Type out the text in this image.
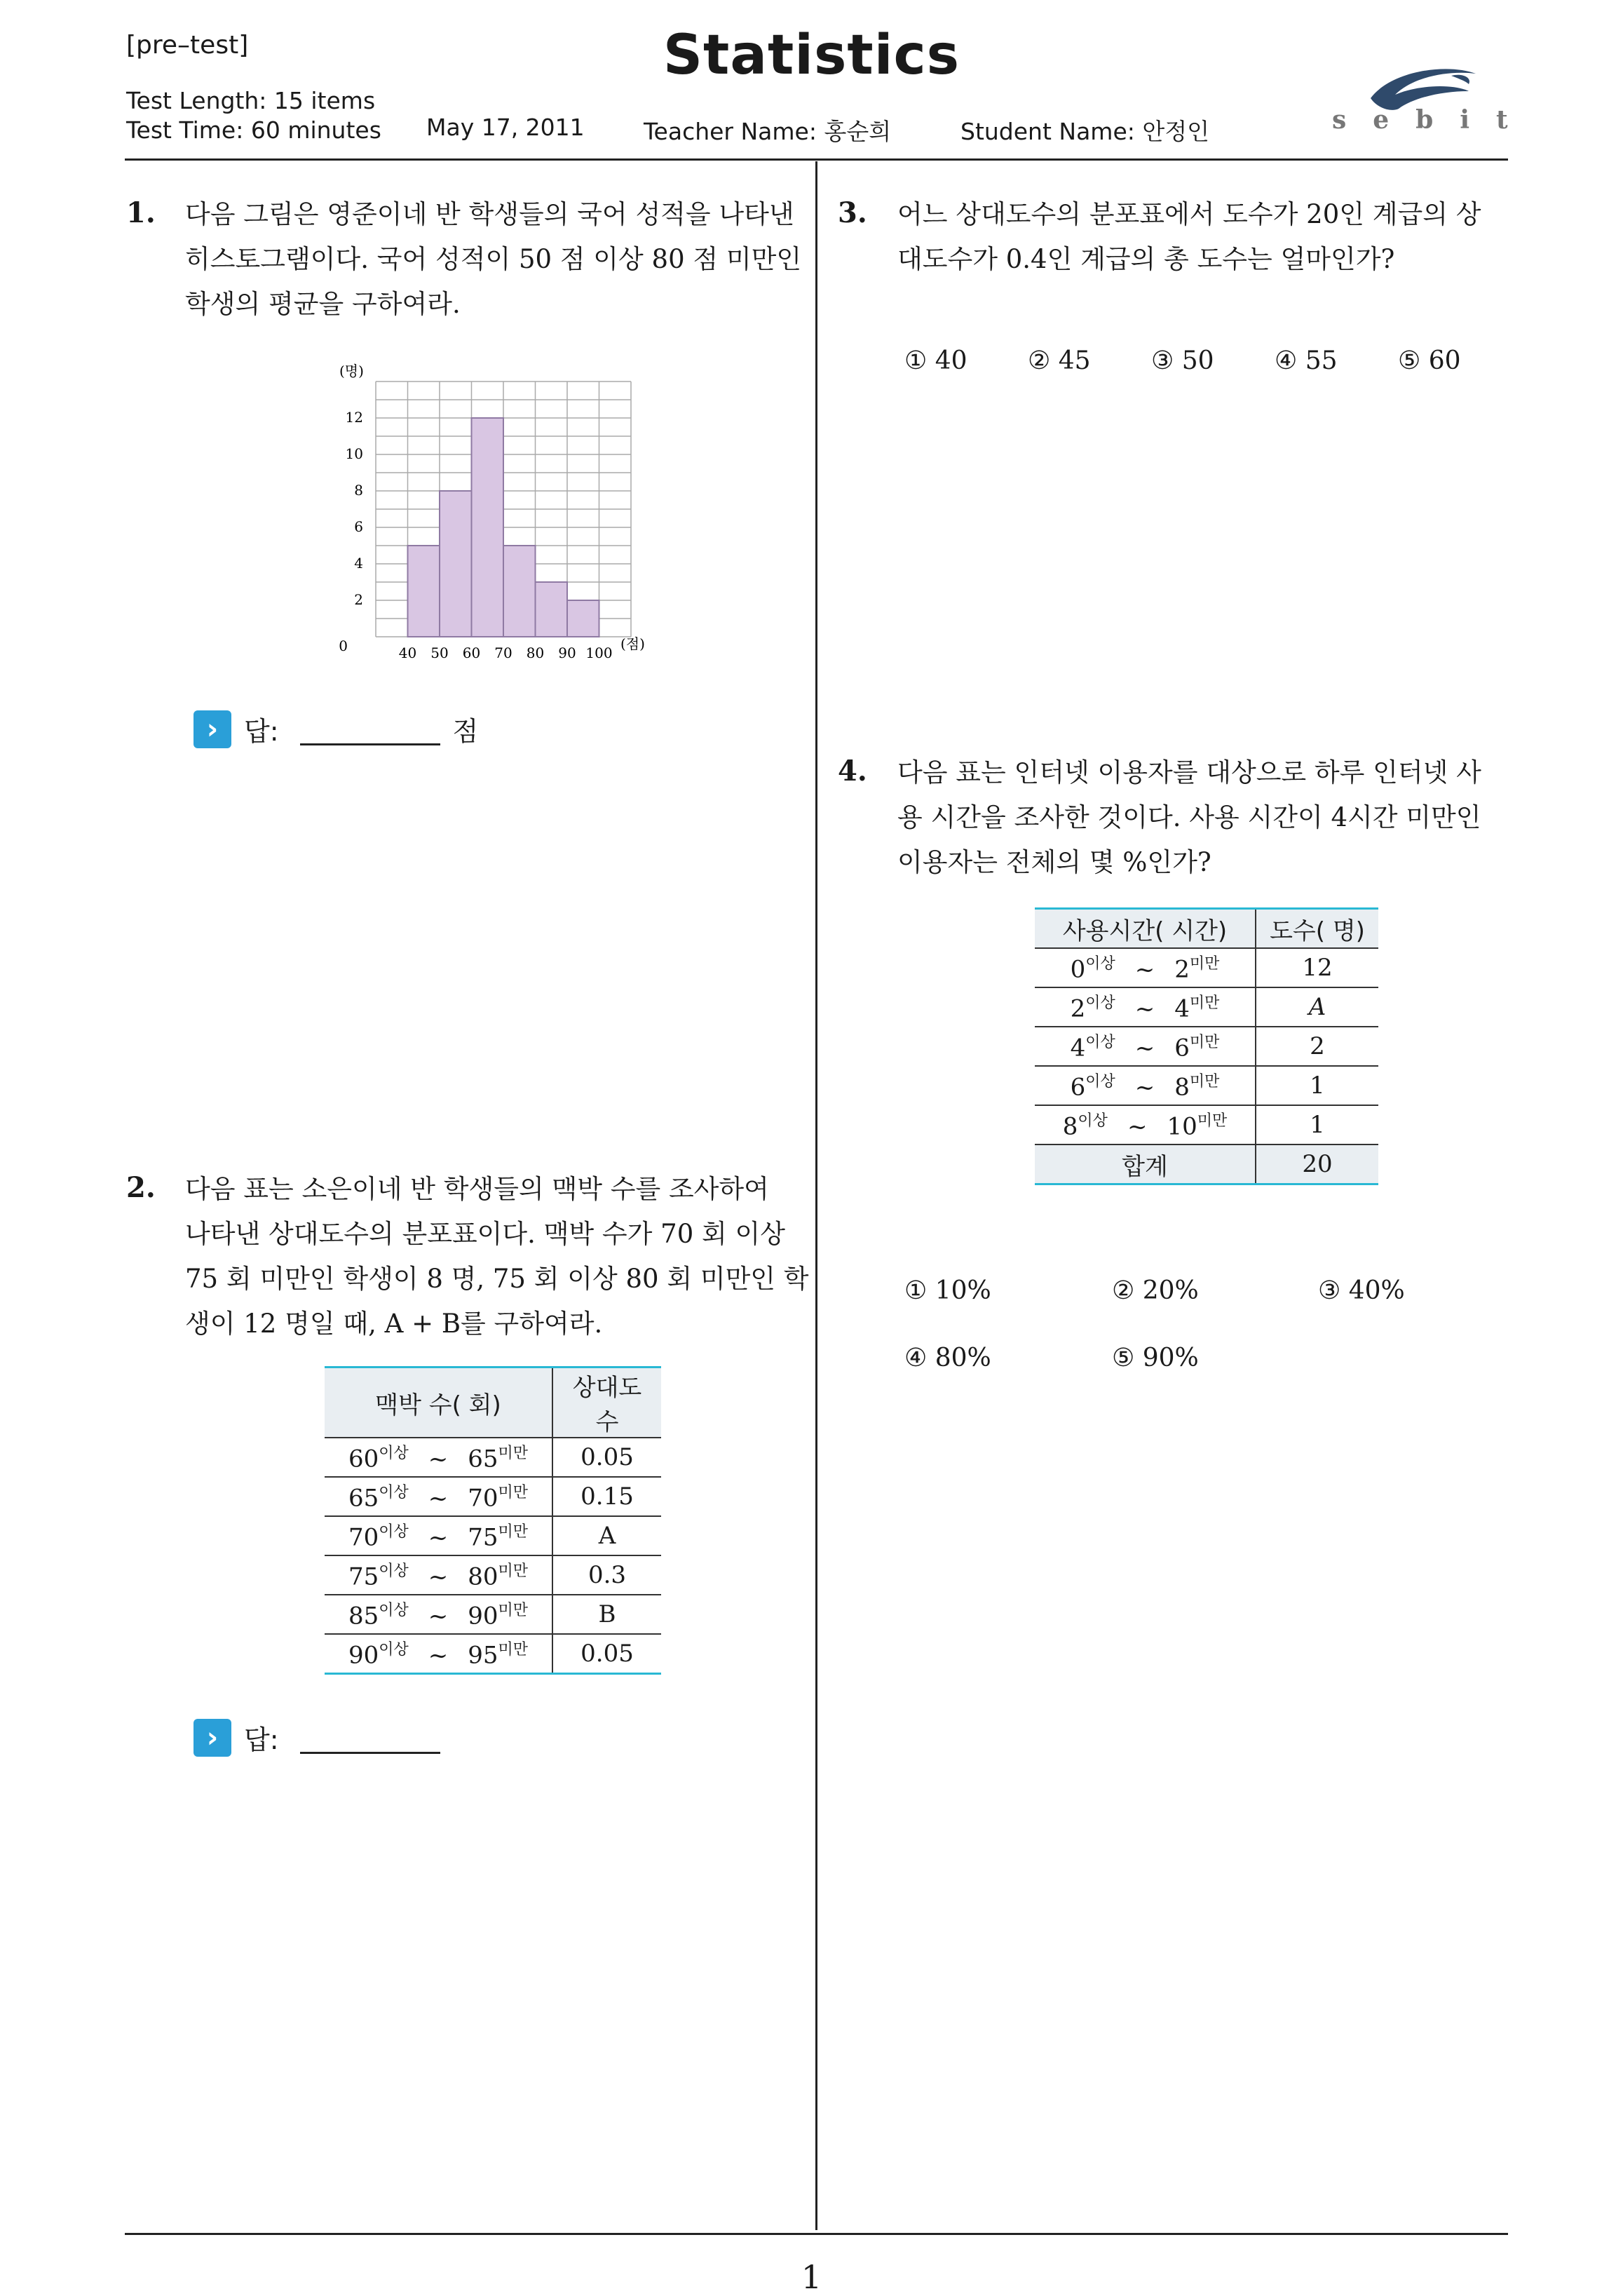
[pre–test]	Statistics
Test Length: 15 items
Test Time: 60 minutes May 17, 2011	Teacher Name: 홍순희	Student Name: 안정인	sebit
1. 다음 그림은 영준이네 반 학생들의 국어 성적을 나타낸
히스토그램이다. 국어 성적이 50 점 이상 80 점 미만인
학생의 평균을 구하여라.
0
2
4
6
8
10
12
40 50 60 70 80 90 100
(명)
(점)
› 답:	점
2. 다음 표는 소은이네 반 학생들의 맥박 수를 조사하여
나타낸 상대도수의 분포표이다. 맥박 수가 70 회 이상
75 회 미만인 학생이 8 명, 75 회 이상 80 회 미만인 학
생이 12 명일 때, A + B를 구하여라.
맥박 수( 회)	상대도수
$60^{이상}$ ~ $65^{미만}$	0.05
$65^{이상}$ ~ $70^{미만}$	0.15
$70^{이상}$ ~ $75^{미만}$	A
$75^{이상}$ ~ $80^{미만}$	0.3
$85^{이상}$ ~ $90^{미만}$	B
$90^{이상}$ ~ $95^{미만}$	0.05
› 답:
3. 어느 상대도수의 분포표에서 도수가 20인 계급의 상
대도수가 0.4인 계급의 총 도수는 얼마인가?
① 40 ② 45 ③ 50 ④ 55 ⑤ 60
4. 다음 표는 인터넷 이용자를 대상으로 하루 인터넷 사
용 시간을 조사한 것이다. 사용 시간이 4시간 미만인
이용자는 전체의 몇 %인가?
사용시간( 시간)	도수( 명)
$0^{이상}$ ~ $2^{미만}$	12
$2^{이상}$ ~ $4^{미만}$	A
$4^{이상}$ ~ $6^{미만}$	2
$6^{이상}$ ~ $8^{미만}$	1
$8^{이상}$ ~ $10^{미만}$	1
합계	20
① 10%	② 20%	③ 40%
④ 80%	⑤ 90%
1
